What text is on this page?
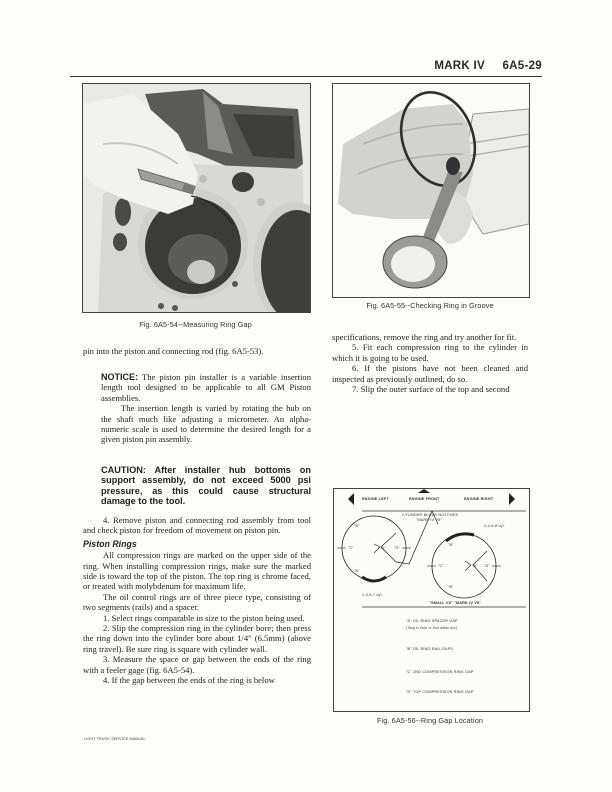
MARK IV 6A5-29
Fig. 6A5-54--Measuring Ring Gap
Fig. 6A5-55--Checking Ring in Groove

pin into the piston and connecting rod (fig. 6A5-53).

NOTICE: The piston pin installer is a variable insertion length tool designed to be applicable to all GM Piston assemblies.

The insertion length is varied by rotating the hub on the shaft much like adjusting a micrometer. An alpha-numeric scale is used to determine the desired length for a given piston pin assembly.

CAUTION: After installer hub bottoms on support assembly, do not exceed 5000 psi pressure, as this could cause structural damage to the tool.

4. Remove piston and connecting rod assembly from tool and check piston for freedom of movement on piston pin.

Piston Rings

All compression rings are marked on the upper side of the ring. When installing compression rings, make sure the marked side is toward the top of the piston. The top ring is chrome faced, or treated with molybdenum for maximum life.

The oil control rings are of three piece type, consisting of two segments (rails) and a spacer.

1. Select rings comparable in size to the piston being used.

2. Slip the compression ring in the cylinder bore; then press the ring down into the cylinder bore about 1/4″ (6.5mm) (above ring travel). Be sure ring is square with cylinder wall.

3. Measure the space or gap between the ends of the ring with a feeler gage (fig. 6A5-54).

4. If the gap between the ends of the ring is below

specifications, remove the ring and try another for fit.

5. Fit each compression ring to the cylinder in which it is going to be used.

6. If the pistons have not been cleaned and inspected as previously outlined, do so.

7. Slip the outer surface of the top and second

ENGINE LEFT	ENGINE FRONT	ENGINE RIGHT
CYLINDER BLOCK NOTCHES
"MARK IV V8"
2-4-6-8 cyl.
1-3-5-7 cyl.
"B"
"C"	"A" "D"
"B"
"B"
"C"	"A" "D"
"B"
"SMALL V8" "MARK IV V8"
"A" OIL RING SPACER GAP
(Tang in Hole or Slot within Arc)
"B" OIL RING RAIL GAPS
"C" 2ND COMPRESSION RING GAP
"D" TOP COMPRESSION RING GAP
Fig. 6A5-56--Ring Gap Location
LIGHT TRUCK SERVICE MANUAL
